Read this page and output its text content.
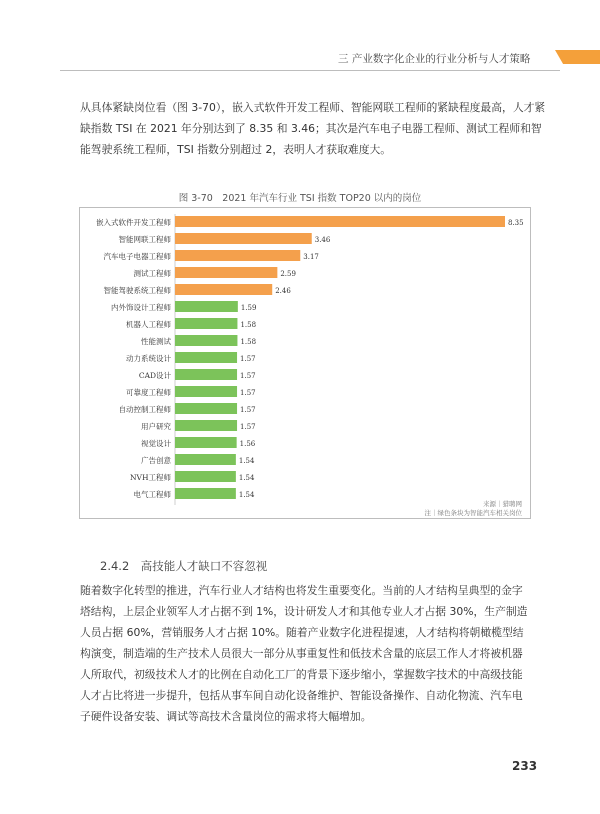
三 产业数字化企业的行业分析与人才策略
从具体紧缺岗位看（图 3-70），嵌入式软件开发工程师、智能网联工程师的紧缺程度最高，人才紧缺指数 TSI 在 2021 年分别达到了 8.35 和 3.46；其次是汽车电子电器工程师、测试工程师和智能驾驶系统工程师，TSI 指数分别超过 2，表明人才获取难度大。
图 3-70　2021 年汽车行业 TSI 指数 TOP20 以内的岗位
嵌入式软件开发工程师	8.35
智能网联工程师	3.46
汽车电子电器工程师	3.17
测试工程师	2.59
智能驾驶系统工程师	2.46
内外饰设计工程师	1.59
机器人工程师	1.58
性能测试	1.58
动力系统设计	1.57
CAD设计	1.57
可靠度工程师	1.57
自动控制工程师	1.57
用户研究	1.57
视觉设计	1.56
广告创意	1.54
NVH工程师	1.54
电气工程师	1.54
来源｜猎聘网
注｜绿色条块为智能汽车相关岗位
2.4.2　高技能人才缺口不容忽视
随着数字化转型的推进，汽车行业人才结构也将发生重要变化。当前的人才结构呈典型的金字塔结构，上层企业领军人才占据不到 1%，设计研发人才和其他专业人才占据 30%，生产制造人员占据 60%，营销服务人才占据 10%。随着产业数字化进程提速，人才结构将朝橄榄型结构演变，制造端的生产技术人员很大一部分从事重复性和低技术含量的底层工作人才将被机器人所取代，初级技术人才的比例在自动化工厂的背景下逐步缩小，掌握数字技术的中高级技能人才占比将进一步提升，包括从事车间自动化设备维护、智能设备操作、自动化物流、汽车电子硬件设备安装、调试等高技术含量岗位的需求将大幅增加。
233
